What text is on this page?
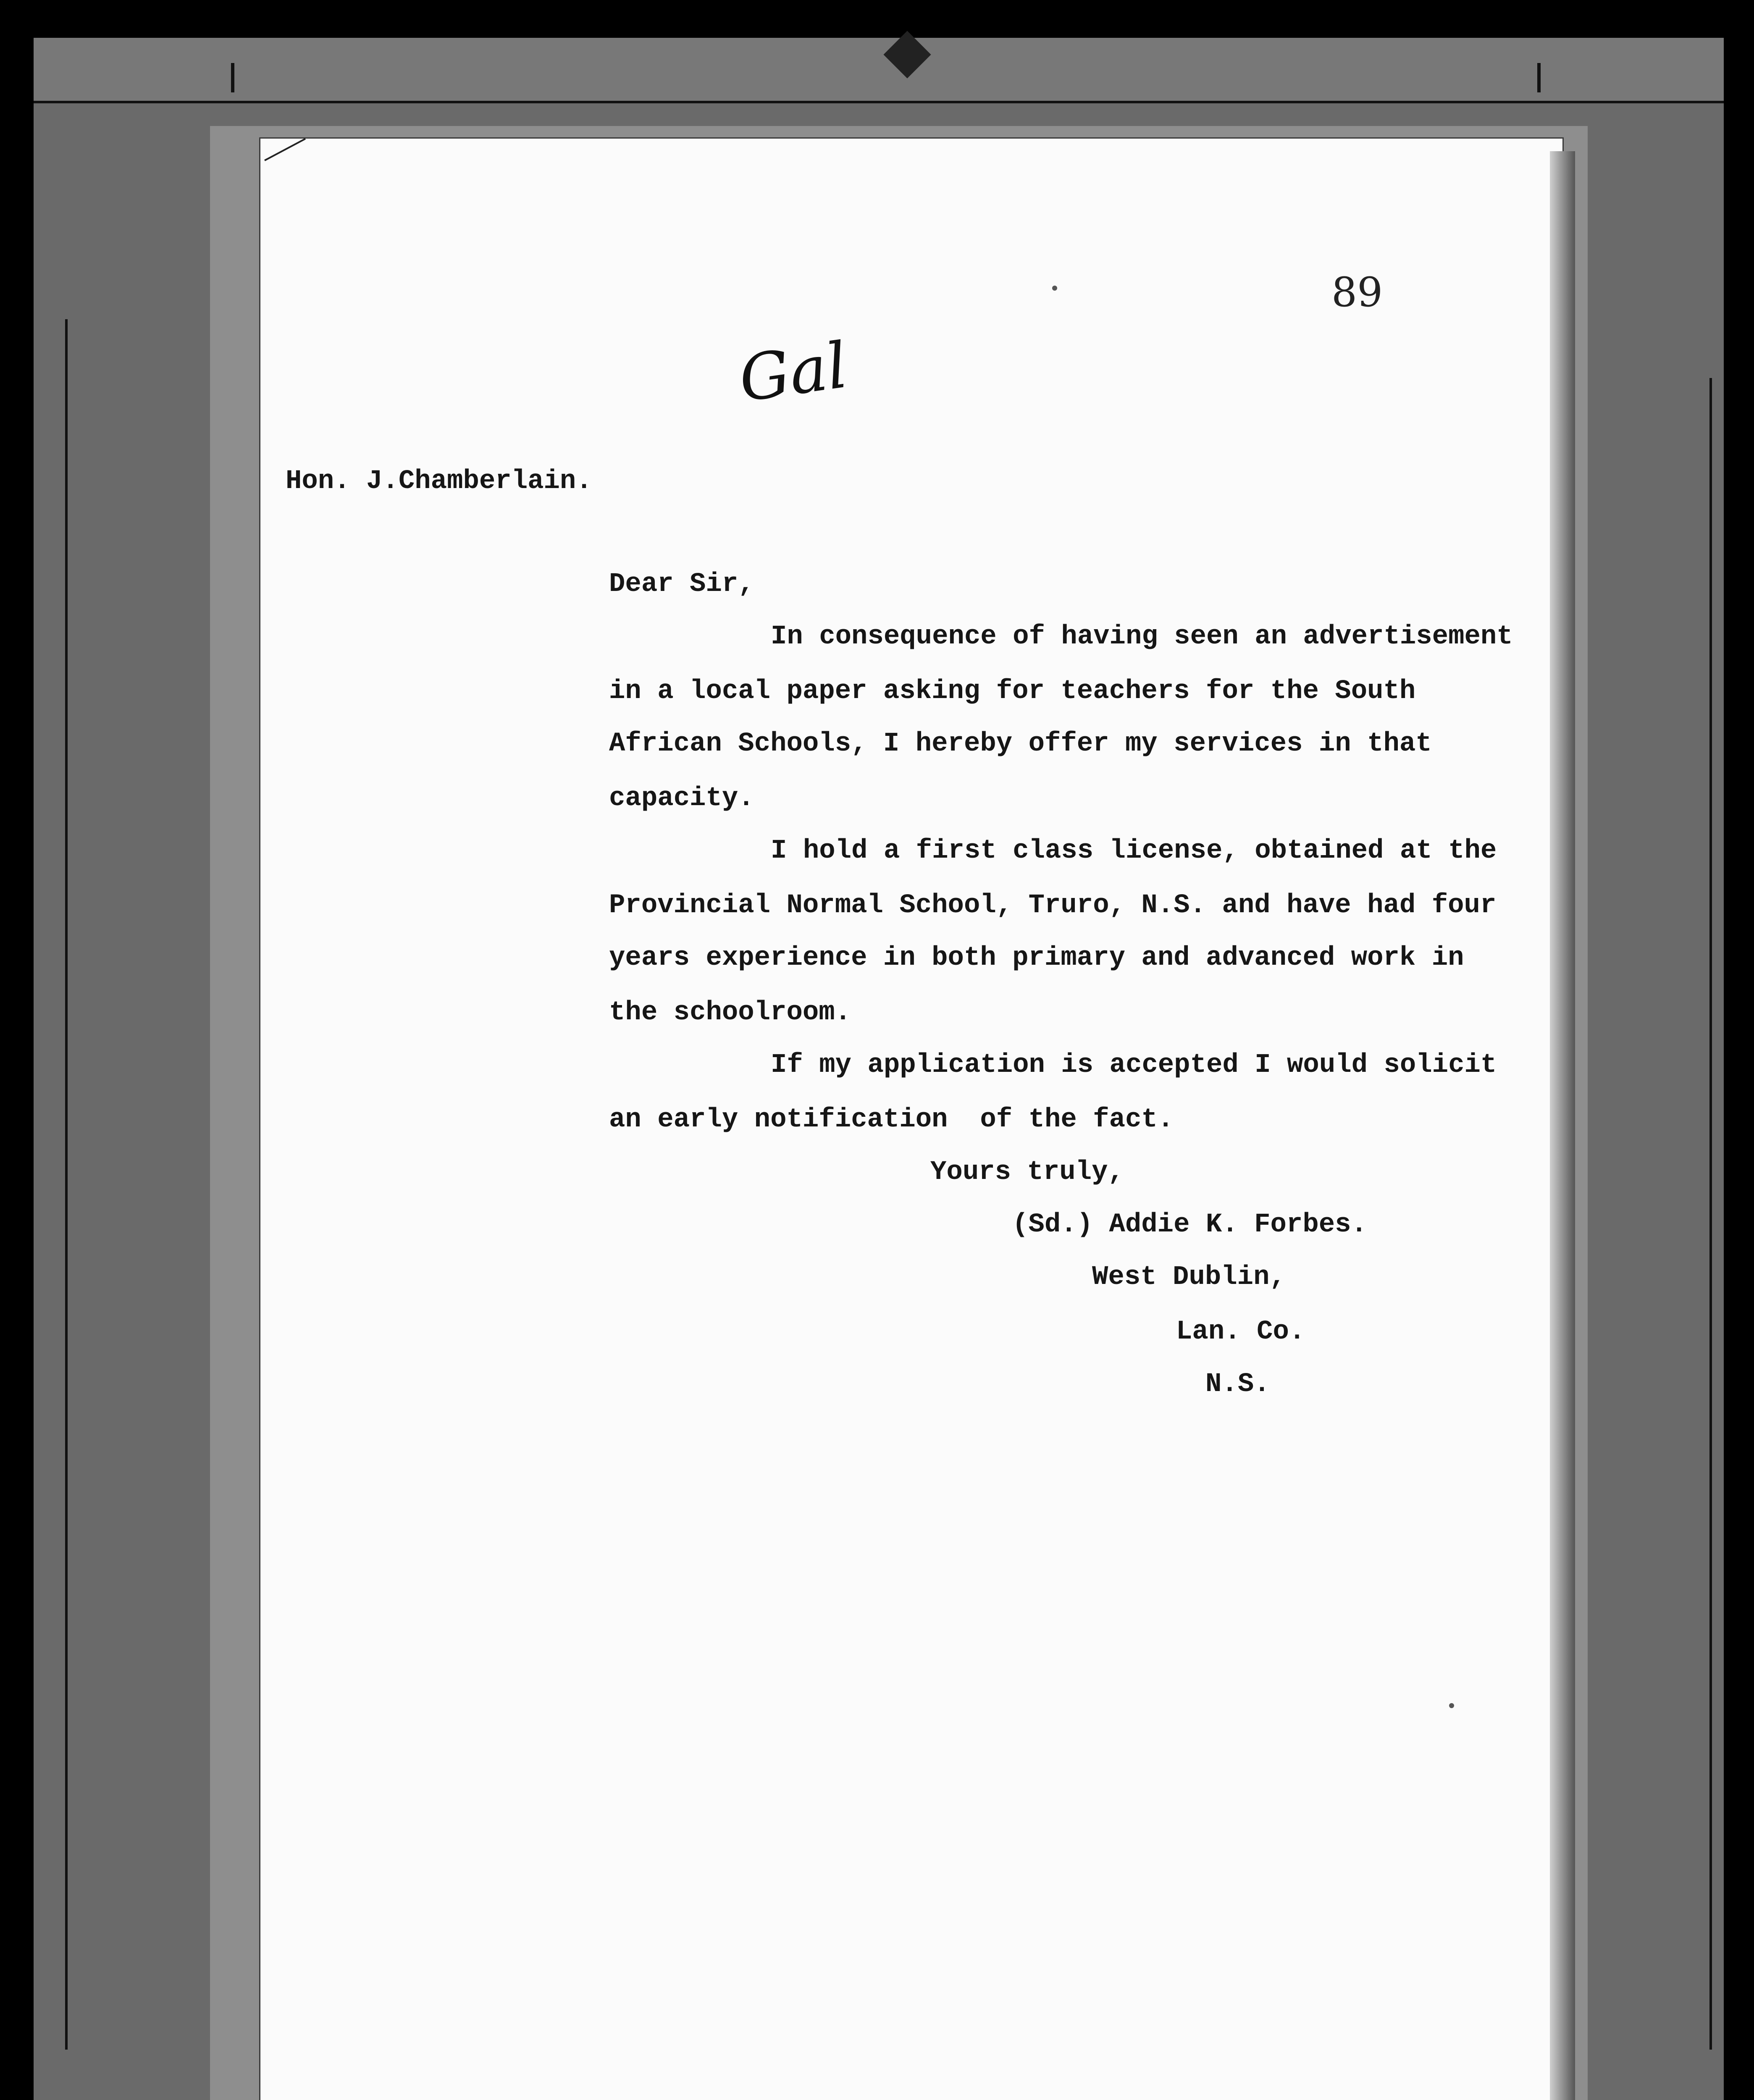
89
Gal
Hon. J.Chamberlain.
Dear Sir,
In consequence of having seen an advertisement
in a local paper asking for teachers for the South
African Schools, I hereby offer my services in that
capacity.
I hold a first class license, obtained at the
Provincial Normal School, Truro, N.S. and have had four
years experience in both primary and advanced work in
the schoolroom.
If my application is accepted I would solicit
an early notification  of the fact.
Yours truly,
(Sd.) Addie K. Forbes.
West Dublin,
Lan. Co.
N.S.
